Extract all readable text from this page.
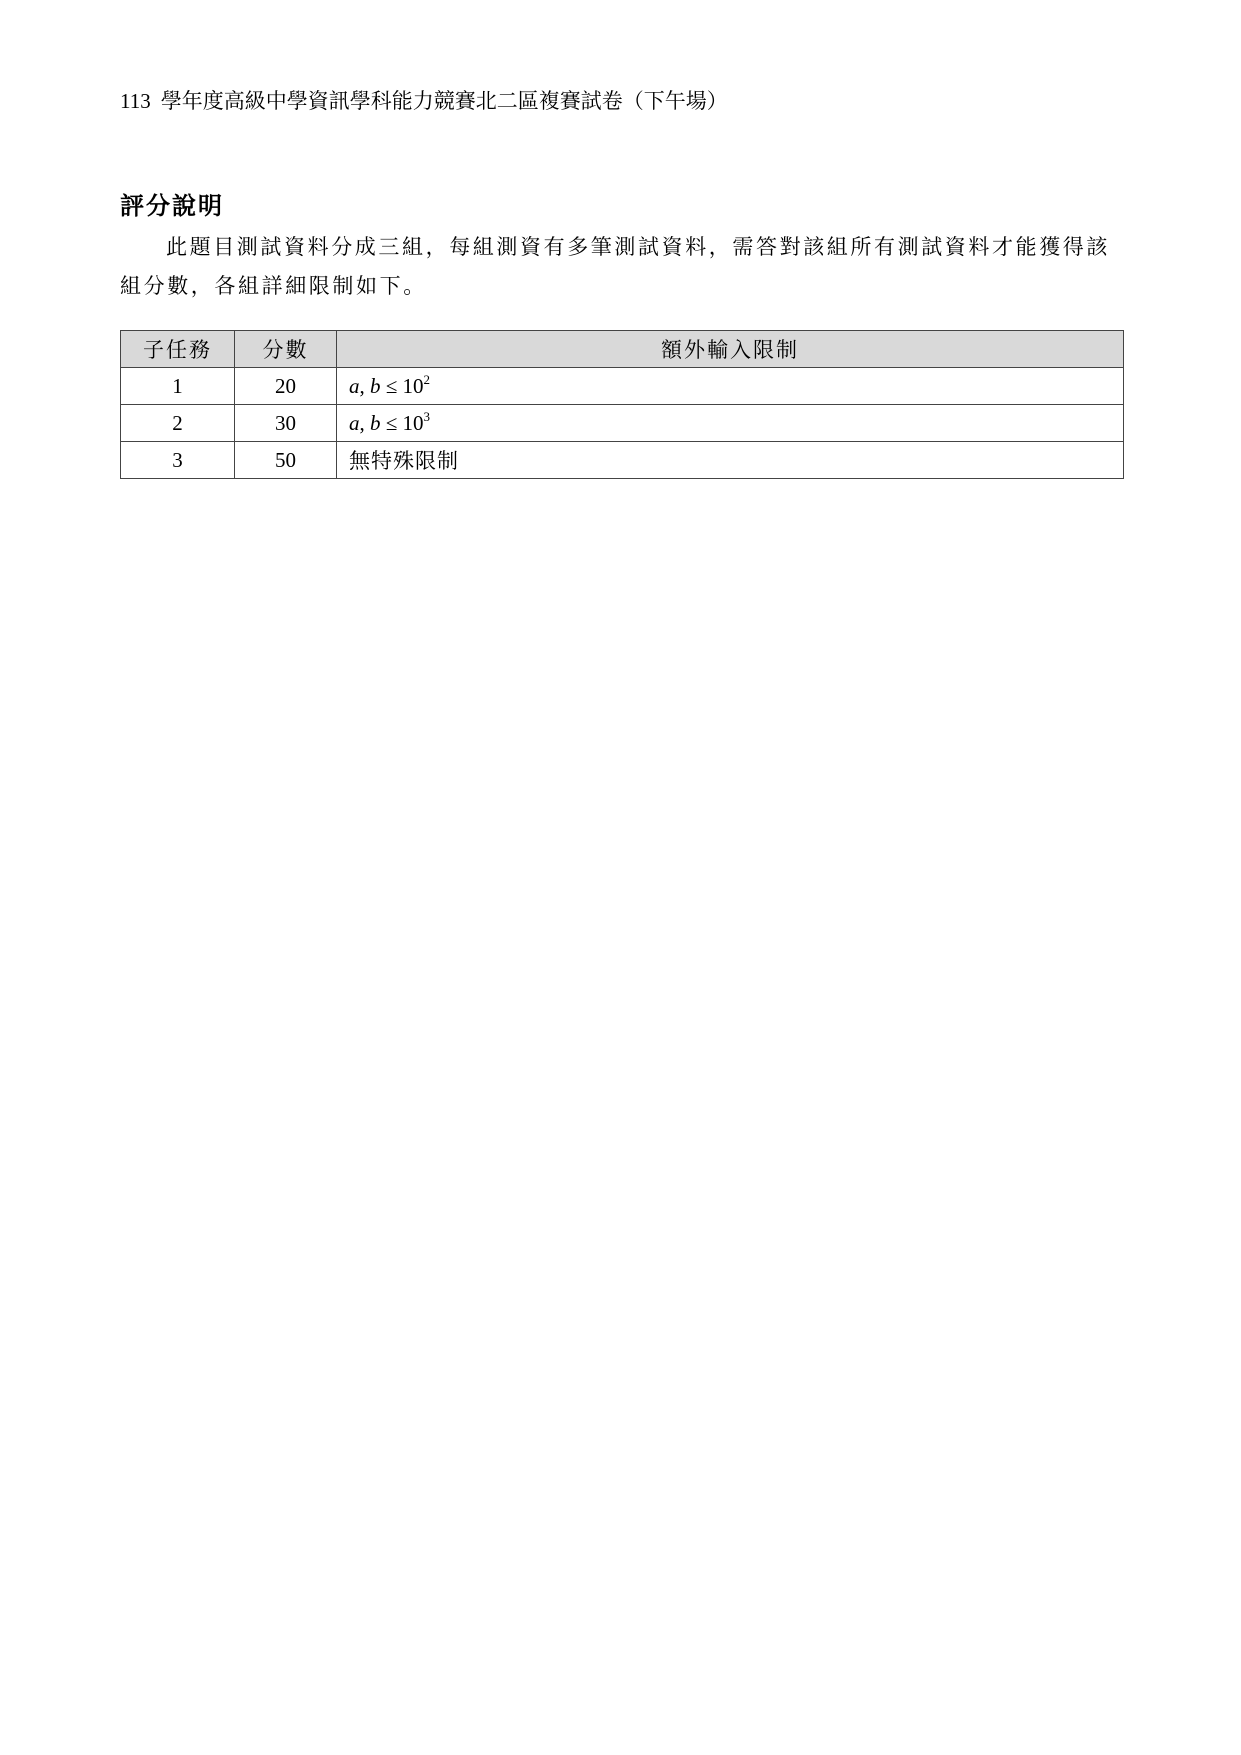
113 學年度高級中學資訊學科能力競賽北二區複賽試卷（下午場）
評分說明

此題目測試資料分成三組，每組測資有多筆測試資料，需答對該組所有測試資料才能獲得該組分數，各組詳細限制如下。

子任務	分數	額外輸入限制
1	20	a, $b \le 10^2$
2	30	a, $b \le 10^3$
3	50	無特殊限制
